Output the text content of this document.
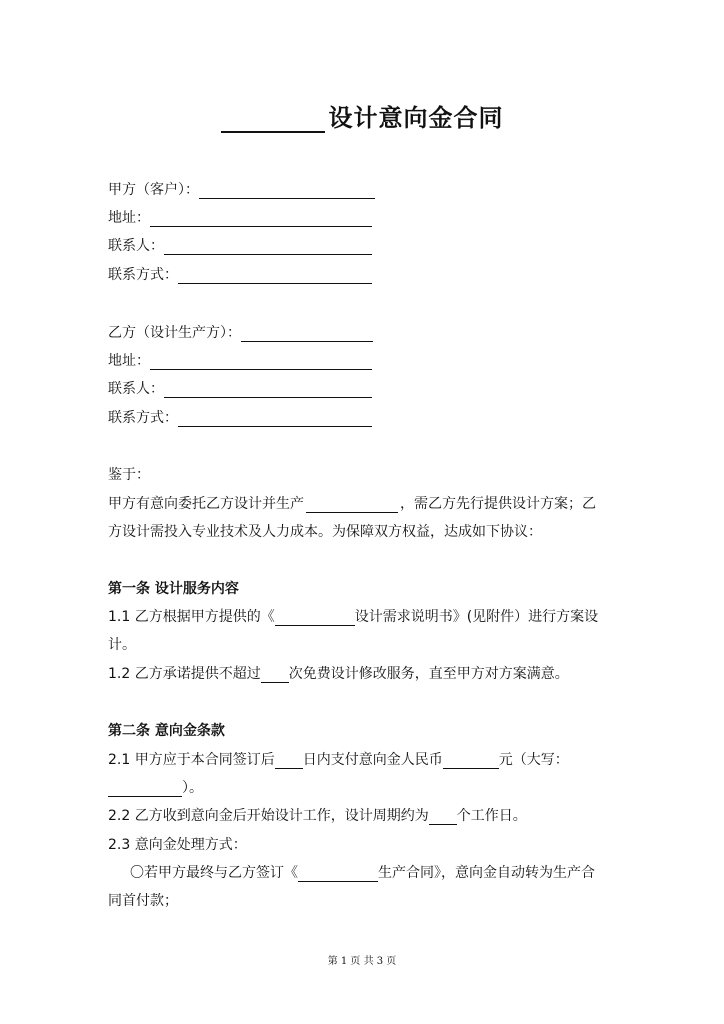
设计意向金合同
甲方（客户）：
地址：
联系人：
联系方式：
乙方（设计生产方）：
地址：
联系人：
联系方式：
鉴于：
甲方有意向委托乙方设计并生产	，需乙方先行提供设计方案；乙
方设计需投入专业技术及人力成本。为保障双方权益，达成如下协议：
第一条 设计服务内容
1.1 乙方根据甲方提供的《	设计需求说明书》(见附件）进行方案设
计。
1.2 乙方承诺提供不超过 次免费设计修改服务，直至甲方对方案满意。
第二条 意向金条款
2.1 甲方应于本合同签订后 日内支付意向金人民币	元（大写：
）。
2.2 乙方收到意向金后开始设计工作，设计周期约为 个工作日。
2.3 意向金处理方式：
〇若甲方最终与乙方签订《	生产合同》，意向金自动转为生产合
同首付款；
第 1 页 共 3 页
